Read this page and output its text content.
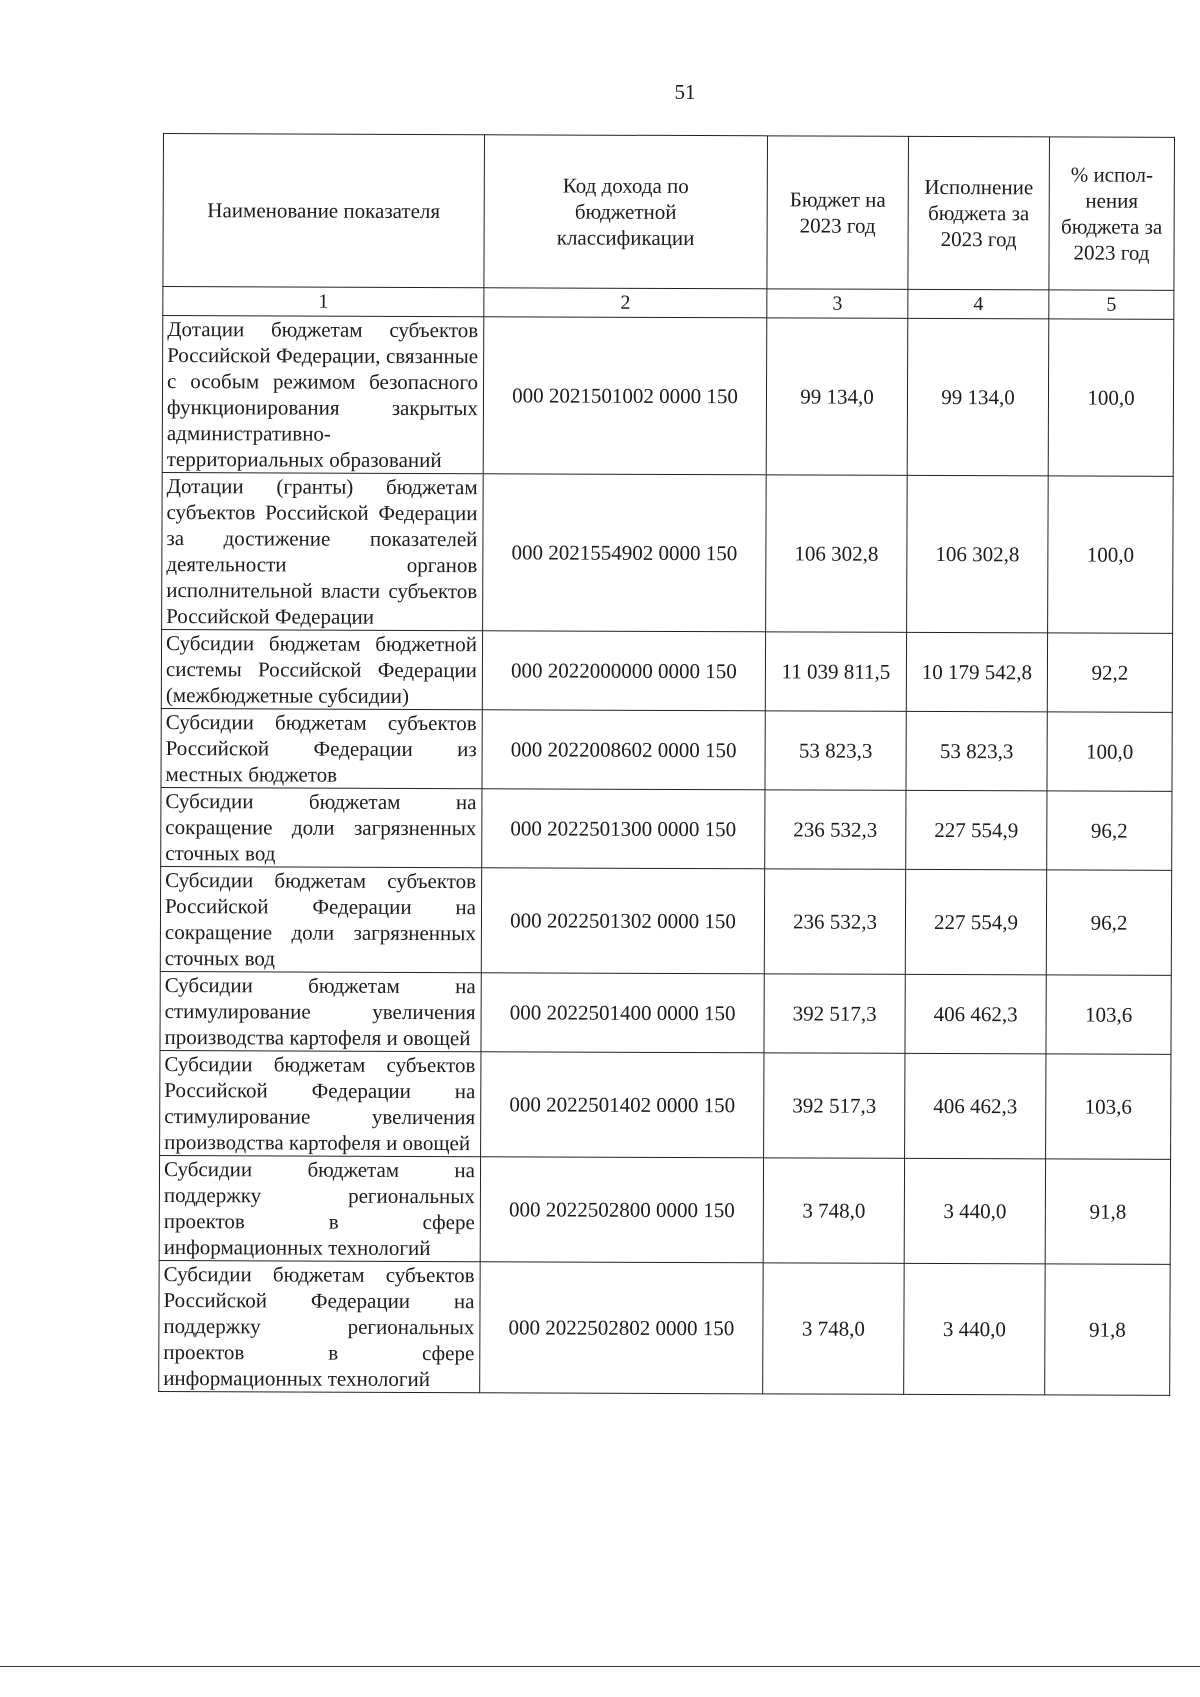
51
Наименование показателя	Код дохода по бюджетной классификации	Бюджет на 2023 год	Исполнение бюджета за 2023 год	% испол-нения бюджета за 2023 год
1	2	3	4	5
Дотации бюджетам субъектов Российской Федерации, связанные с особым режимом безопасного функционирования закрытых административно-территориальных образований	000 2021501002 0000 150	99 134,0	99 134,0	100,0
Дотации (гранты) бюджетам субъектов Российской Федерации за достижение показателей деятельности органов исполнительной власти субъектов Российской Федерации	000 2021554902 0000 150	106 302,8	106 302,8	100,0
Субсидии бюджетам бюджетной системы Российской Федерации (межбюджетные субсидии)	000 2022000000 0000 150	11 039 811,5	10 179 542,8	92,2
Субсидии бюджетам субъектов Российской Федерации из местных бюджетов	000 2022008602 0000 150	53 823,3	53 823,3	100,0
Субсидии бюджетам на сокращение доли загрязненных сточных вод	000 2022501300 0000 150	236 532,3	227 554,9	96,2
Субсидии бюджетам субъектов Российской Федерации на сокращение доли загрязненных сточных вод	000 2022501302 0000 150	236 532,3	227 554,9	96,2
Субсидии бюджетам на стимулирование увеличения производства картофеля и овощей	000 2022501400 0000 150	392 517,3	406 462,3	103,6
Субсидии бюджетам субъектов Российской Федерации на стимулирование увеличения производства картофеля и овощей	000 2022501402 0000 150	392 517,3	406 462,3	103,6
Субсидии бюджетам на поддержку региональных проектов в сфере информационных технологий	000 2022502800 0000 150	3 748,0	3 440,0	91,8
Субсидии бюджетам субъектов Российской Федерации на поддержку региональных проектов в сфере информационных технологий	000 2022502802 0000 150	3 748,0	3 440,0	91,8
